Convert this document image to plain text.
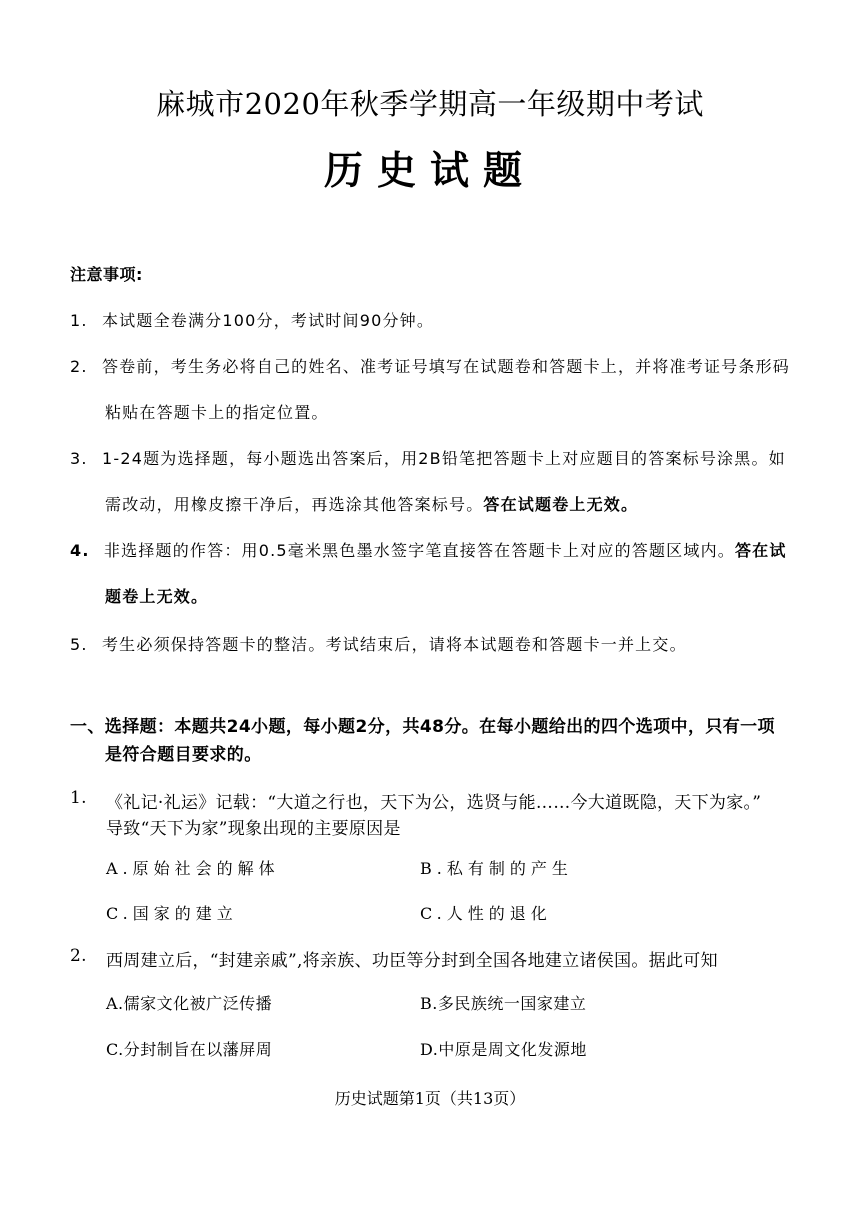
麻城市2020年秋季学期高一年级期中考试
历史试题
注意事项:
1. 本试题全卷满分100分，考试时间90分钟。
2. 答卷前，考生务必将自己的姓名、准考证号填写在试题卷和答题卡上，并将准考证号条形码
粘贴在答题卡上的指定位置。
3. 1-24题为选择题，每小题选出答案后，用2B铅笔把答题卡上对应题目的答案标号涂黑。如
需改动，用橡皮擦干净后，再选涂其他答案标号。答在试题卷上无效。
4. 非选择题的作答：用0.5毫米黑色墨水签字笔直接答在答题卡上对应的答题区域内。答在试
题卷上无效。
5. 考生必须保持答题卡的整洁。考试结束后，请将本试题卷和答题卡一并上交。
一、选择题：本题共24小题，每小题2分，共48分。在每小题给出的四个选项中，只有一项
是符合题目要求的。
1. 《礼记·礼运》记载：“大道之行也，天下为公，选贤与能……今大道既隐，天下为家。”
导致“天下为家”现象出现的主要原因是
A.原始社会的解体	B.私有制的产生
C.国家的建立	C.人性的退化
2. 西周建立后，“封建亲戚”,将亲族、功臣等分封到全国各地建立诸侯国。据此可知
A.儒家文化被广泛传播	B.多民族统一国家建立
C.分封制旨在以藩屏周	D.中原是周文化发源地
历史试题第1页（共13页）
